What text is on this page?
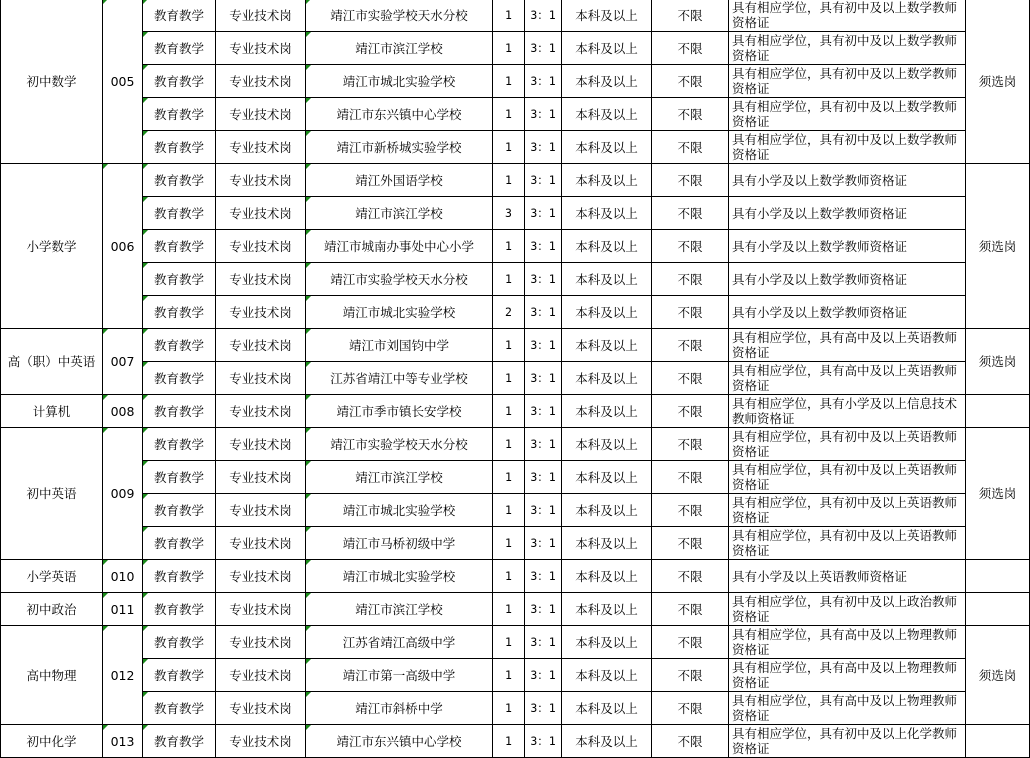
初中数学	005	教育教学	专业技术岗	靖江市实验学校天水分校	1	3：1	本科及以上	不限	具有相应学位，具有初中及以上数学教师资格证	须选岗
		教育教学	专业技术岗	靖江市滨江学校	1	3：1	本科及以上	不限	具有相应学位，具有初中及以上数学教师资格证	
		教育教学	专业技术岗	靖江市城北实验学校	1	3：1	本科及以上	不限	具有相应学位，具有初中及以上数学教师资格证	
		教育教学	专业技术岗	靖江市东兴镇中心学校	1	3：1	本科及以上	不限	具有相应学位，具有初中及以上数学教师资格证	
		教育教学	专业技术岗	靖江市新桥城实验学校	1	3：1	本科及以上	不限	具有相应学位，具有初中及以上数学教师资格证	
小学数学	006	教育教学	专业技术岗	靖江外国语学校	1	3：1	本科及以上	不限	具有小学及以上数学教师资格证	须选岗
		教育教学	专业技术岗	靖江市滨江学校	3	3：1	本科及以上	不限	具有小学及以上数学教师资格证	
		教育教学	专业技术岗	靖江市城南办事处中心小学	1	3：1	本科及以上	不限	具有小学及以上数学教师资格证	
		教育教学	专业技术岗	靖江市实验学校天水分校	1	3：1	本科及以上	不限	具有小学及以上数学教师资格证	
		教育教学	专业技术岗	靖江市城北实验学校	2	3：1	本科及以上	不限	具有小学及以上数学教师资格证	
高（职）中英语	007	教育教学	专业技术岗	靖江市刘国钧中学	1	3：1	本科及以上	不限	具有相应学位，具有高中及以上英语教师资格证	须选岗
		教育教学	专业技术岗	江苏省靖江中等专业学校	1	3：1	本科及以上	不限	具有相应学位，具有高中及以上英语教师资格证	
计算机	008	教育教学	专业技术岗	靖江市季市镇长安学校	1	3：1	本科及以上	不限	具有相应学位，具有小学及以上信息技术教师资格证	
初中英语	009	教育教学	专业技术岗	靖江市实验学校天水分校	1	3：1	本科及以上	不限	具有相应学位，具有初中及以上英语教师资格证	须选岗
		教育教学	专业技术岗	靖江市滨江学校	1	3：1	本科及以上	不限	具有相应学位，具有初中及以上英语教师资格证	
		教育教学	专业技术岗	靖江市城北实验学校	1	3：1	本科及以上	不限	具有相应学位，具有初中及以上英语教师资格证	
		教育教学	专业技术岗	靖江市马桥初级中学	1	3：1	本科及以上	不限	具有相应学位，具有初中及以上英语教师资格证	
小学英语	010	教育教学	专业技术岗	靖江市城北实验学校	1	3：1	本科及以上	不限	具有小学及以上英语教师资格证	
初中政治	011	教育教学	专业技术岗	靖江市滨江学校	1	3：1	本科及以上	不限	具有相应学位，具有初中及以上政治教师资格证	
高中物理	012	教育教学	专业技术岗	江苏省靖江高级中学	1	3：1	本科及以上	不限	具有相应学位，具有高中及以上物理教师资格证	须选岗
		教育教学	专业技术岗	靖江市第一高级中学	1	3：1	本科及以上	不限	具有相应学位，具有高中及以上物理教师资格证	
		教育教学	专业技术岗	靖江市斜桥中学	1	3：1	本科及以上	不限	具有相应学位，具有高中及以上物理教师资格证	
初中化学	013	教育教学	专业技术岗	靖江市东兴镇中心学校	1	3：1	本科及以上	不限	具有相应学位，具有初中及以上化学教师资格证	
